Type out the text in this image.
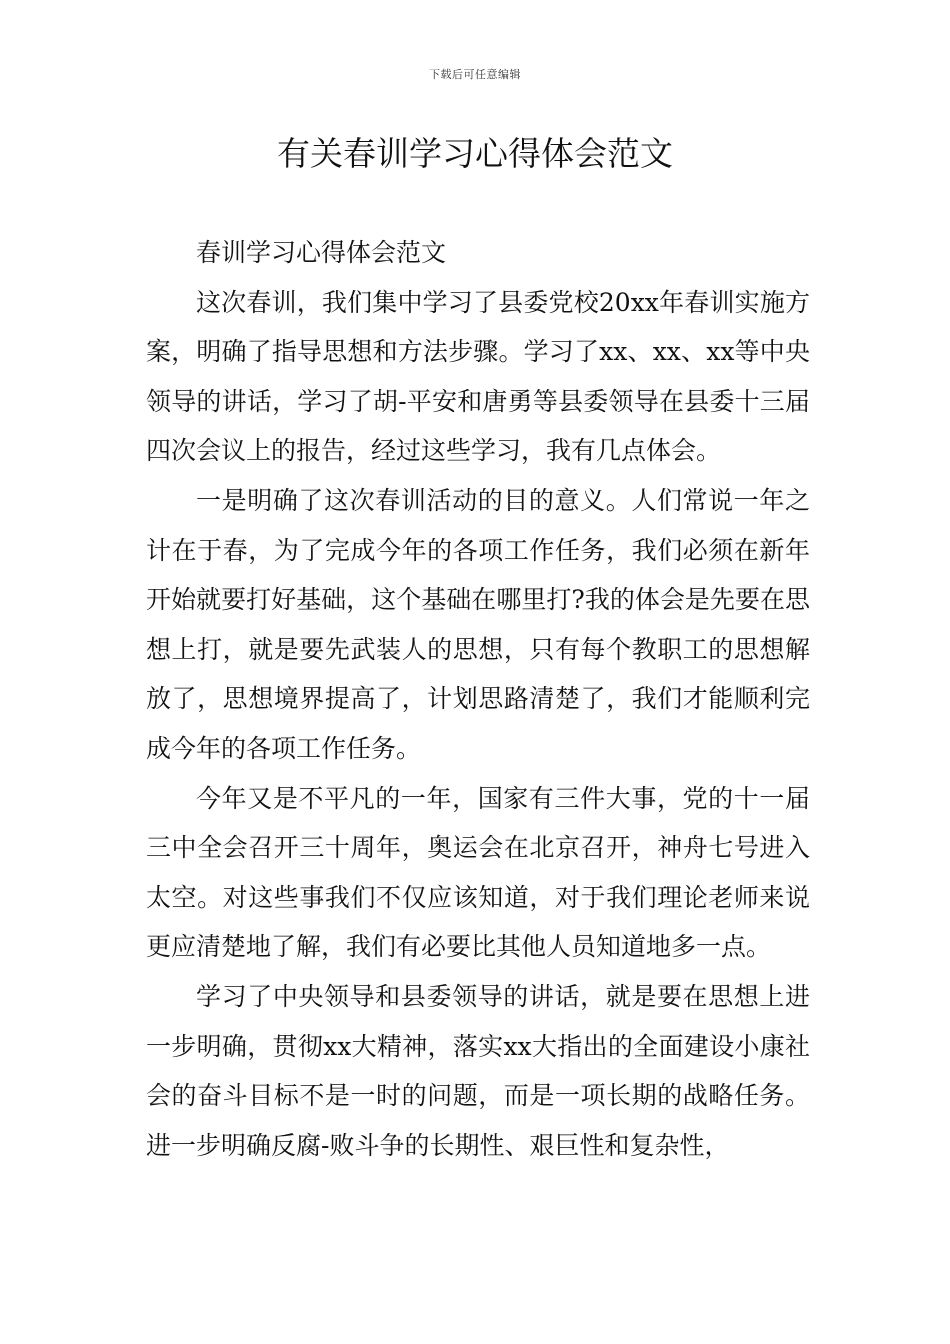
下载后可任意编辑
有关春训学习心得体会范文

春训学习心得体会范文

这次春训，我们集中学习了县委党校20xx年春训实施方案，明确了指导思想和方法步骤。学习了xx、xx、xx等中央领导的讲话，学习了胡-平安和唐勇等县委领导在县委十三届四次会议上的报告，经过这些学习，我有几点体会。

一是明确了这次春训活动的目的意义。人们常说一年之计在于春，为了完成今年的各项工作任务，我们必须在新年开始就要打好基础，这个基础在哪里打?我的体会是先要在思想上打，就是要先武装人的思想，只有每个教职工的思想解放了，思想境界提高了，计划思路清楚了，我们才能顺利完成今年的各项工作任务。

今年又是不平凡的一年，国家有三件大事，党的十一届三中全会召开三十周年，奥运会在北京召开，神舟七号进入太空。对这些事我们不仅应该知道，对于我们理论老师来说更应清楚地了解，我们有必要比其他人员知道地多一点。

学习了中央领导和县委领导的讲话，就是要在思想上进一步明确，贯彻xx大精神，落实xx大指出的全面建设小康社会的奋斗目标不是一时的问题，而是一项长期的战略任务。进一步明确反腐-败斗争的长期性、艰巨性和复杂性，
